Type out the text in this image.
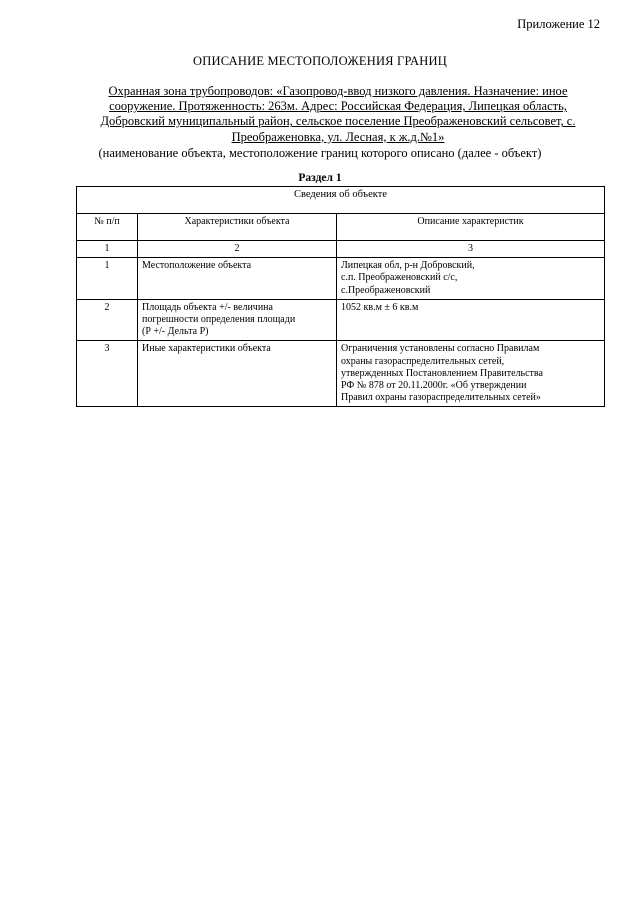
Приложение 12
ОПИСАНИЕ МЕСТОПОЛОЖЕНИЯ ГРАНИЦ
Охранная зона трубопроводов: «Газопровод-ввод низкого давления. Назначение: иное
сооружение. Протяженность: 263м. Адрес: Российская Федерация, Липецкая область,
Добровский муниципальный район, сельское поселение Преображеновский сельсовет, с.
Преображеновка, ул. Лесная, к ж.д.№1»
(наименование объекта, местоположение границ которого описано (далее - объект)
Раздел 1
Сведения об объекте		
№ п/п	Характеристики объекта	Описание характеристик
1	2	3
1	Местоположение объекта	Липецкая обл, р-н Добровский,
с.п. Преображеновский с/с,
с.Преображеновский

2	Площадь объекта +/- величина
погрешности определения площади
(Р +/- Дельта Р)	1052 кв.м ± 6 кв.м

3	Иные характеристики объекта	Ограничения установлены согласно Правилам
охраны газораспределительных сетей,
утвержденных Постановлением Правительства
РФ № 878 от 20.11.2000г. «Об утверждении
Правил охраны газораспределительных сетей»
